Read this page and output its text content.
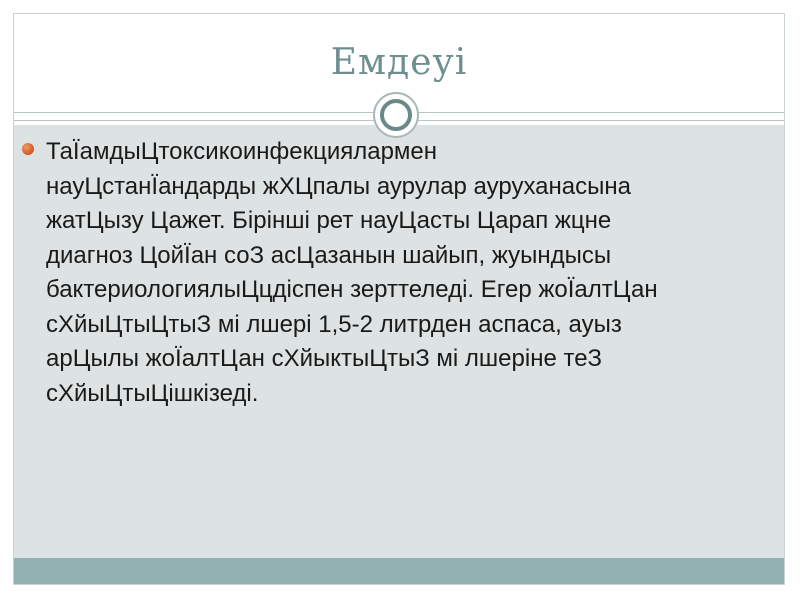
Емдеуі
ТаЇамдыЦтоксикоинфекциялармен
науЦстанЇандарды жХЦпалы аурулар ауруханасына
жатЦызу Цажет. Бірінші рет науЦасты Царап жцне
диагноз ЦойЇан соЗ асЦазанын шайып, жуындысы
бактериологиялыЦцдіспен зерттеледі. Егер жоЇалтЦан
сХйыЦтыЦтыЗ мі лшері 1,5-2 литрден аспаса, ауыз
арЦылы жоЇалтЦан сХйыктыЦтыЗ мі лшеріне теЗ
сХйыЦтыЦішкізеді.
